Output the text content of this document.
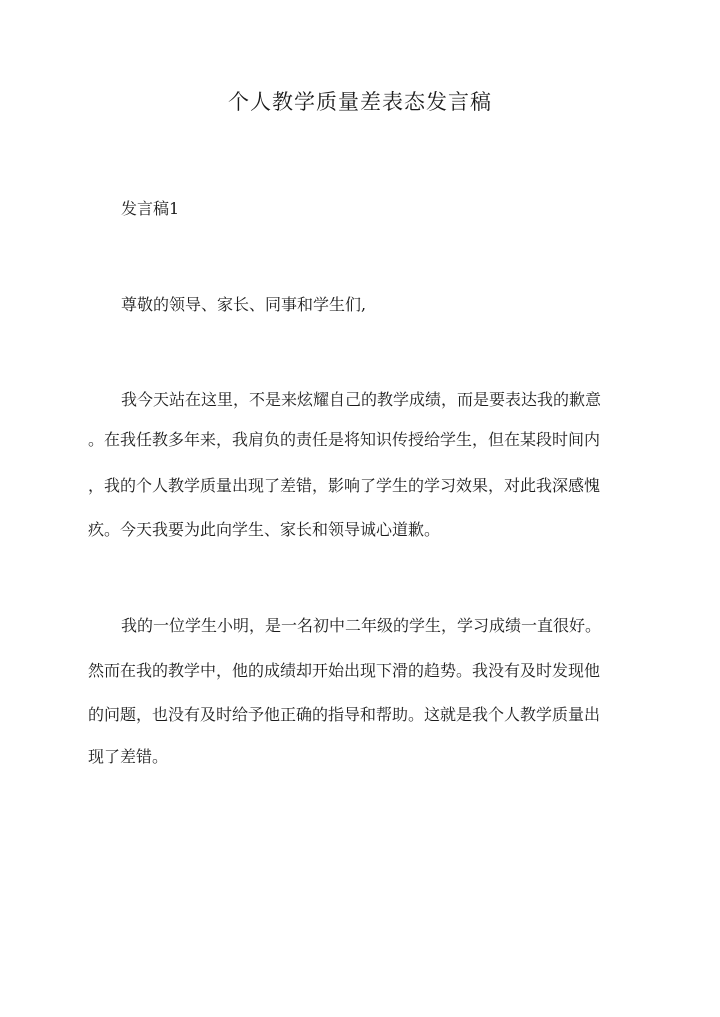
个人教学质量差表态发言稿

发言稿1

尊敬的领导、家长、同事和学生们,

我今天站在这里，不是来炫耀自己的教学成绩，而是要表达我的歉意

。在我任教多年来，我肩负的责任是将知识传授给学生，但在某段时间内

，我的个人教学质量出现了差错，影响了学生的学习效果，对此我深感愧

疚。今天我要为此向学生、家长和领导诚心道歉。

我的一位学生小明，是一名初中二年级的学生，学习成绩一直很好。

然而在我的教学中，他的成绩却开始出现下滑的趋势。我没有及时发现他

的问题，也没有及时给予他正确的指导和帮助。这就是我个人教学质量出

现了差错。
